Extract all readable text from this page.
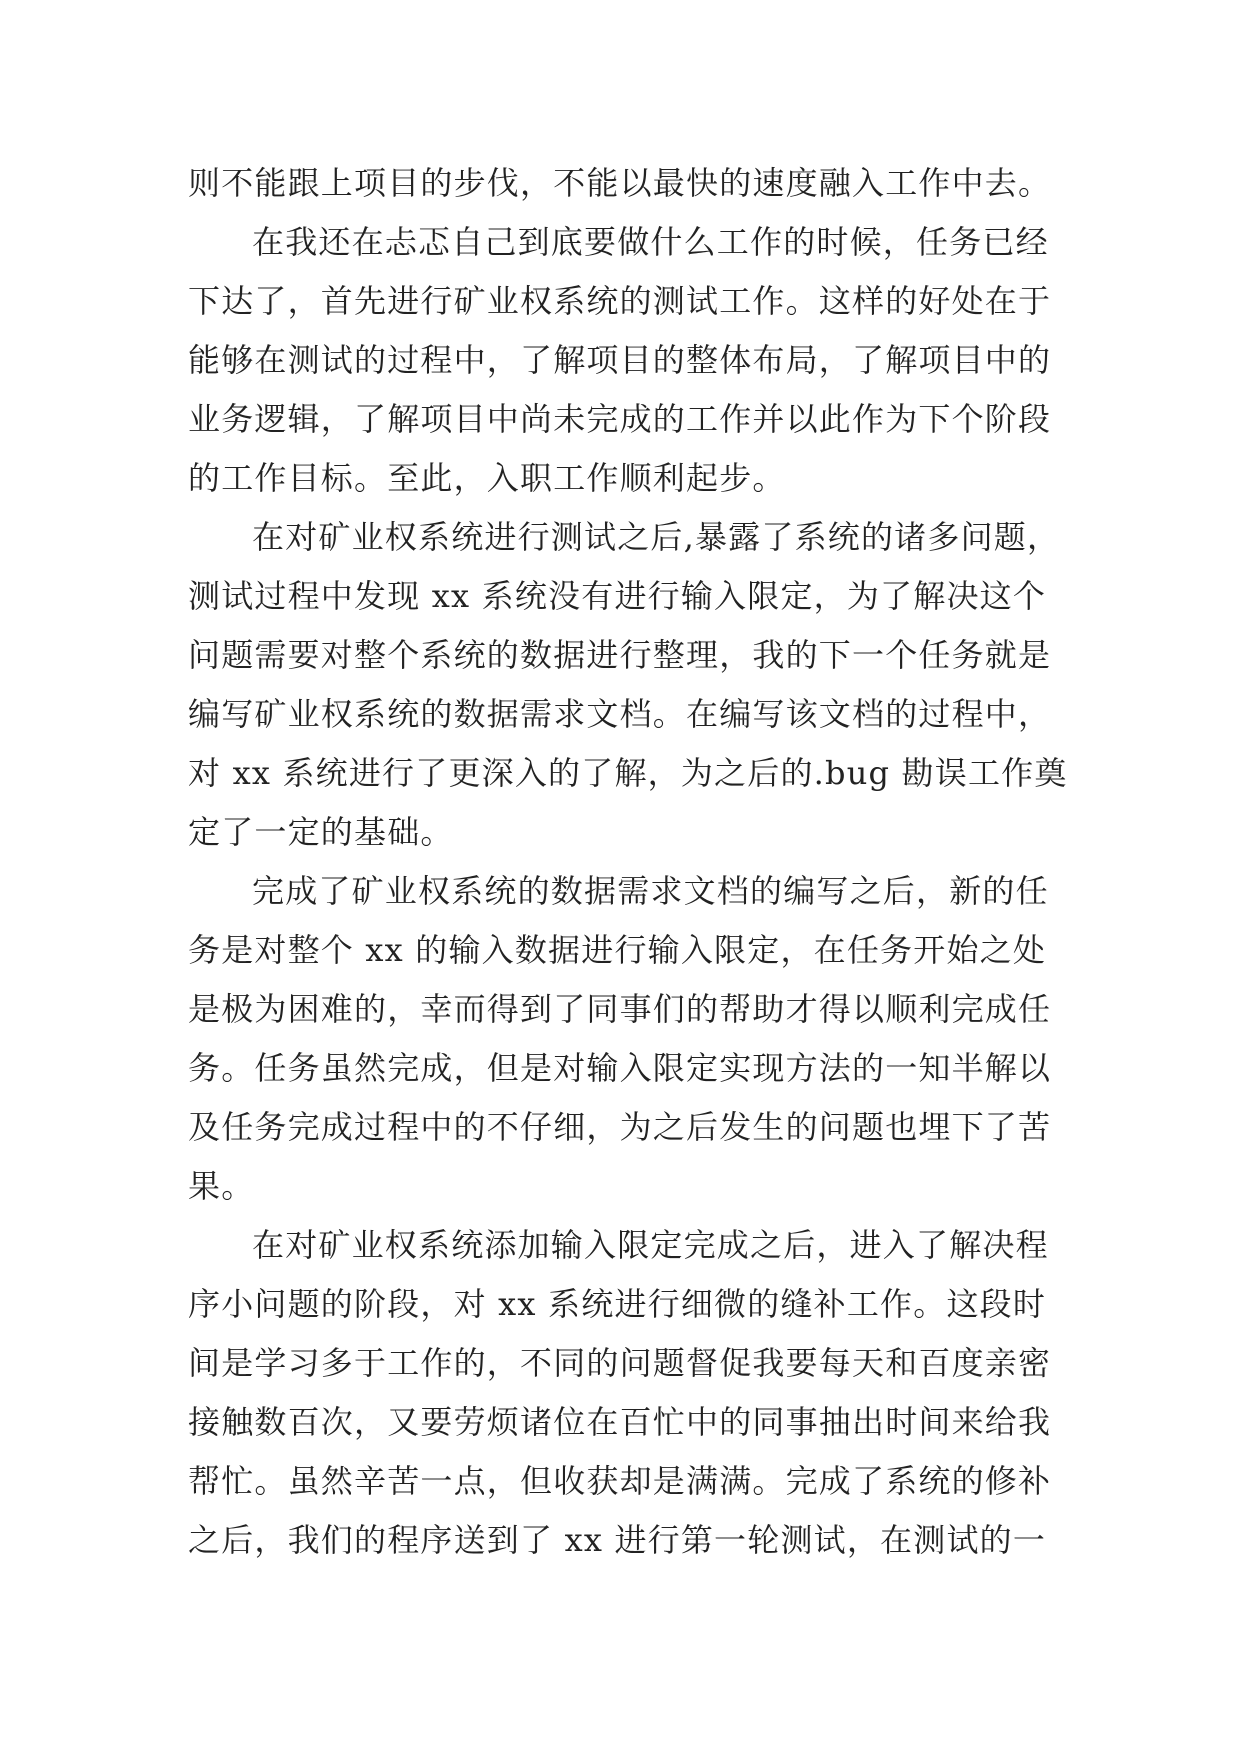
则不能跟上项目的步伐，不能以最快的速度融入工作中去。
在我还在忐忑自己到底要做什么工作的时候，任务已经
下达了，首先进行矿业权系统的测试工作。这样的好处在于
能够在测试的过程中，了解项目的整体布局，了解项目中的
业务逻辑，了解项目中尚未完成的工作并以此作为下个阶段
的工作目标。至此，入职工作顺利起步。
在对矿业权系统进行测试之后,暴露了系统的诸多问题，
测试过程中发现 xx 系统没有进行输入限定，为了解决这个
问题需要对整个系统的数据进行整理，我的下一个任务就是
编写矿业权系统的数据需求文档。在编写该文档的过程中，
对 xx 系统进行了更深入的了解，为之后的.bug 勘误工作奠
定了一定的基础。
完成了矿业权系统的数据需求文档的编写之后，新的任
务是对整个 xx 的输入数据进行输入限定，在任务开始之处
是极为困难的，幸而得到了同事们的帮助才得以顺利完成任
务。任务虽然完成，但是对输入限定实现方法的一知半解以
及任务完成过程中的不仔细，为之后发生的问题也埋下了苦
果。
在对矿业权系统添加输入限定完成之后，进入了解决程
序小问题的阶段，对 xx 系统进行细微的缝补工作。这段时
间是学习多于工作的，不同的问题督促我要每天和百度亲密
接触数百次，又要劳烦诸位在百忙中的同事抽出时间来给我
帮忙。虽然辛苦一点，但收获却是满满。完成了系统的修补
之后，我们的程序送到了 xx 进行第一轮测试，在测试的一
